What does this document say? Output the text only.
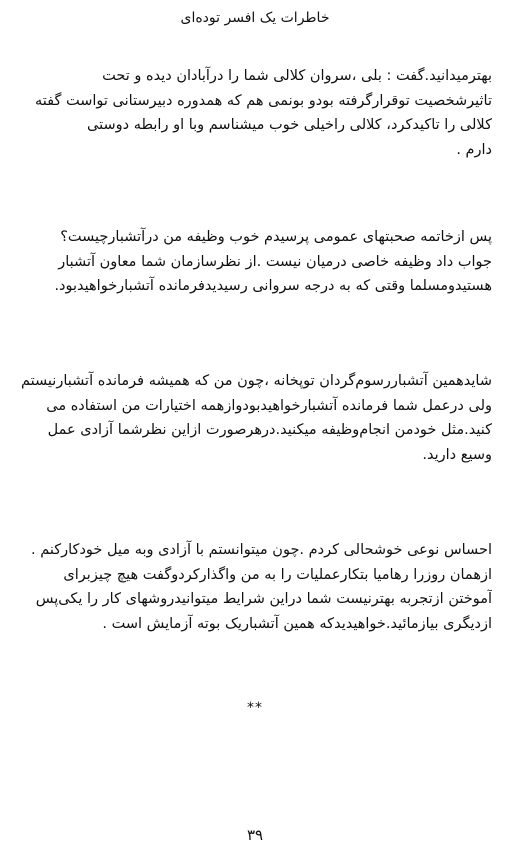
خاطرات یک افسر توده‌ای

بهترمیدانید.گفت : بلی ،سروان کلالی شما را درآبادان دیده و تحت
تاثیرشخصیت توقرارگرفته بودو بونمی هم که همدوره دبیرستانی تواست گفته
کلالی را تاکیدکرد، کلالی راخیلی خوب میشناسم وبا او رابطه دوستی
دارم .

پس ازخاتمه صحبتهای عمومی پرسیدم خوب وظیفه من درآتشبارچیست؟
جواب داد وظیفه خاصی درمیان نیست .از نظرسازمان شما معاون آتشبار
هستیدومسلما وقتی که به درجه سروانی رسیدیدفرمانده آتشبارخواهیدبود.

شایدهمین آتشباررسوم‌گردان توپخانه ،چون من که همیشه فرمانده آتشبارنیستم
ولی درعمل شما فرمانده آتشبارخواهیدبودوازهمه اختیارات من استفاده می
کنید.مثل خودمن انجام‌وظیفه میکنید.درهرصورت ازاین نظرشما آزادی عمل
وسیع دارید.

احساس نوعی خوشحالی کردم .چون میتوانستم با آزادی وبه میل خودکارکنم .
ازهمان روزرا رهامیا بتکارعملیات را به من واگذارکردوگفت هیچ چیزبرای
آموختن ازتجربه بهترنیست شما دراین شرایط میتوانیدروشهای کار را یکی‌پس
ازدیگری بیازمائید.خواهیدیدکه همین آتشباریک بوته آزمایش است .

**
۳۹
